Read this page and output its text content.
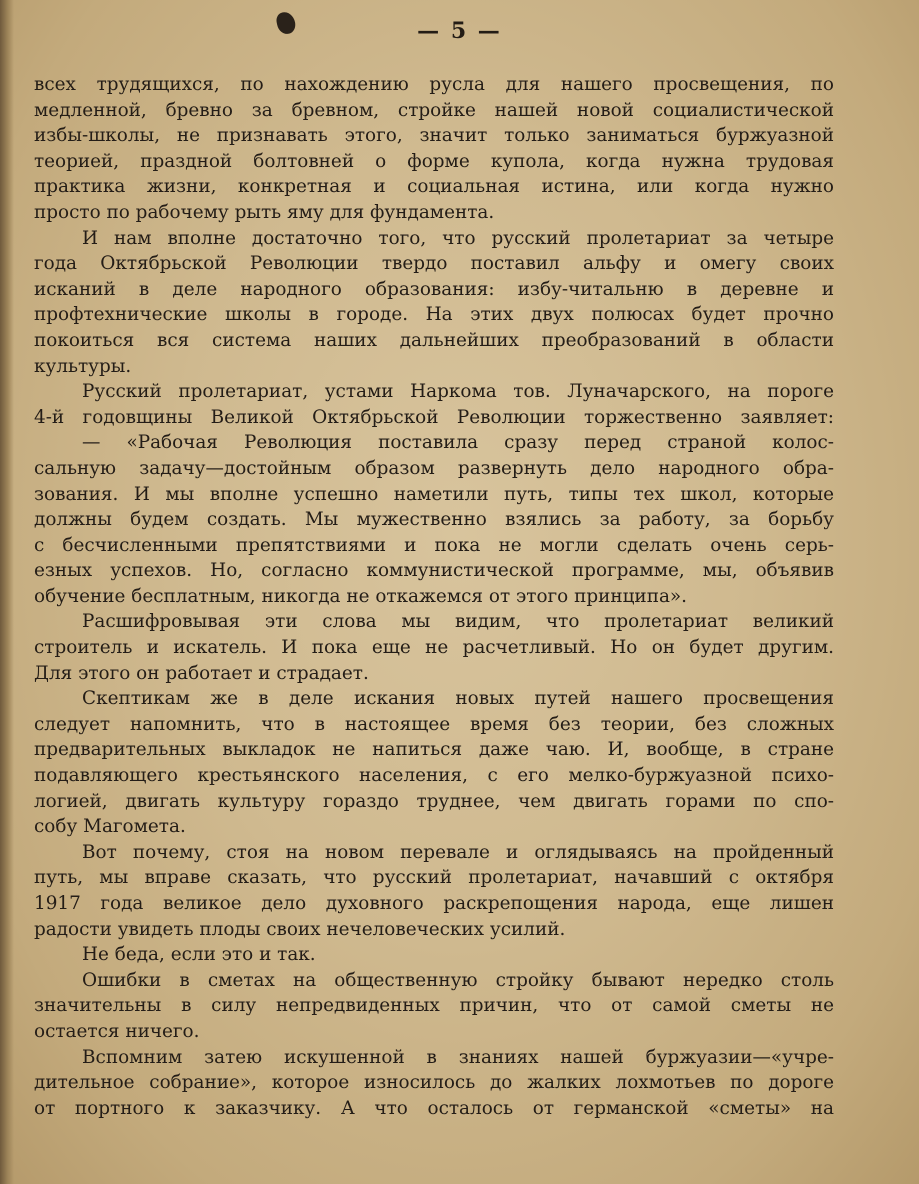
— 5 —
всех трудящихся, по нахождению русла для нашего просвещения, по
медленной, бревно за бревном, стройке нашей новой социалистической
избы-школы, не признавать этого, значит только заниматься буржуазной
теорией, праздной болтовней о форме купола, когда нужна трудовая
практика жизни, конкретная и социальная истина, или когда нужно
просто по рабочему рыть яму для фундамента.
И нам вполне достаточно того, что русский пролетариат за четыре
года Октябрьской Революции твердо поставил альфу и омегу своих
исканий в деле народного образования: избу-читальню в деревне и
профтехнические школы в городе. На этих двух полюсах будет прочно
покоиться вся система наших дальнейших преобразований в области
культуры.
Русский пролетариат, устами Наркома тов. Луначарского, на пороге
4-й годовщины Великой Октябрьской Революции торжественно заявляет:
— «Рабочая Революция поставила сразу перед страной колос-
сальную задачу—достойным образом развернуть дело народного обра-
зования. И мы вполне успешно наметили путь, типы тех школ, которые
должны будем создать. Мы мужественно взялись за работу, за борьбу
с бесчисленными препятствиями и пока не могли сделать очень серь-
езных успехов. Но, согласно коммунистической программе, мы, объявив
обучение бесплатным, никогда не откажемся от этого принципа».
Расшифровывая эти слова мы видим, что пролетариат великий
строитель и искатель. И пока еще не расчетливый. Но он будет другим.
Для этого он работает и страдает.
Скептикам же в деле искания новых путей нашего просвещения
следует напомнить, что в настоящее время без теории, без сложных
предварительных выкладок не напиться даже чаю. И, вообще, в стране
подавляющего крестьянского населения, с его мелко-буржуазной психо-
логией, двигать культуру гораздо труднее, чем двигать горами по спо-
собу Магомета.
Вот почему, стоя на новом перевале и оглядываясь на пройденный
путь, мы вправе сказать, что русский пролетариат, начавший с октября
1917 года великое дело духовного раскрепощения народа, еще лишен
радости увидеть плоды своих нечеловеческих усилий.
Не беда, если это и так.
Ошибки в сметах на общественную стройку бывают нередко столь
значительны в силу непредвиденных причин, что от самой сметы не
остается ничего.
Вспомним затею искушенной в знаниях нашей буржуазии—«учре-
дительное собрание», которое износилось до жалких лохмотьев по дороге
от портного к заказчику. А что осталось от германской «сметы» на
